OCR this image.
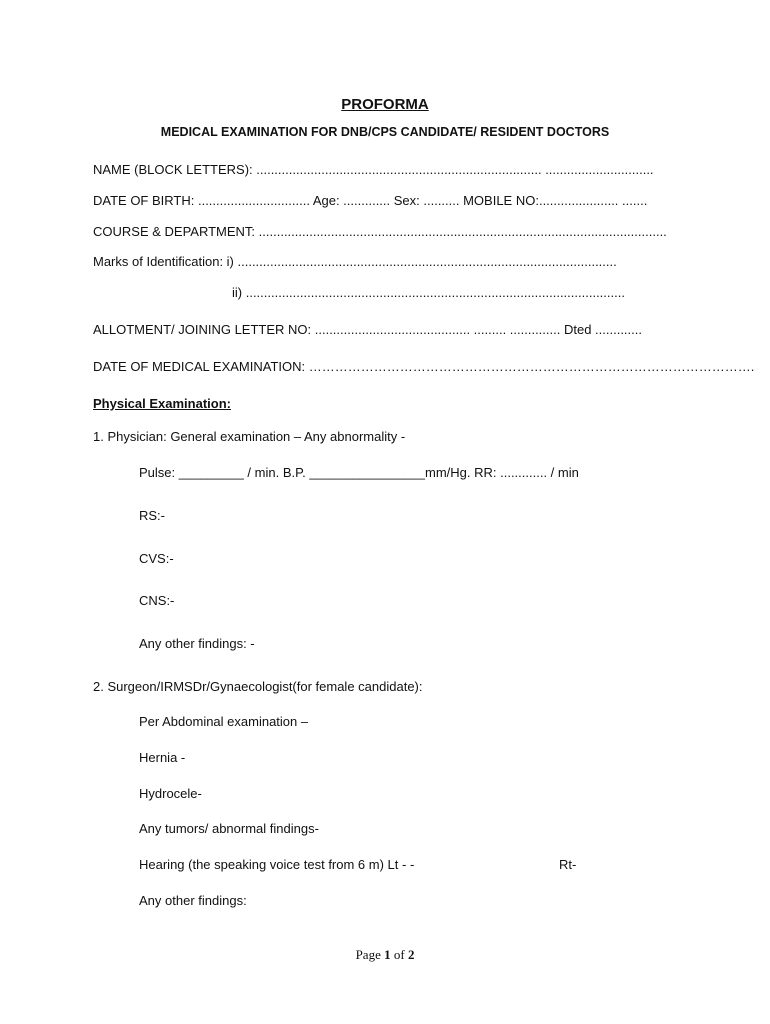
PROFORMA
MEDICAL EXAMINATION FOR DNB/CPS CANDIDATE/ RESIDENT DOCTORS
NAME (BLOCK LETTERS): ............................................................................... ..............................
DATE OF BIRTH: ............................... Age: ............. Sex: .......... MOBILE NO:...................... .......
COURSE & DEPARTMENT: .................................................................................................................
Marks of Identification: i) .........................................................................................................
ii) .........................................................................................................
ALLOTMENT/ JOINING LETTER NO: ........................................... ......... .............. Dted .............
DATE OF MEDICAL EXAMINATION: ………………………………………………………………………………………….
Physical Examination:
1. Physician: General examination – Any abnormality -
Pulse: _________ / min. B.P. ________________mm/Hg. RR: ............. / min
RS:-
CVS:-
CNS:-
Any other findings: -
2. Surgeon/IRMSDr/Gynaecologist(for female candidate):
Per Abdominal examination –
Hernia -
Hydrocele-
Any tumors/ abnormal findings-
Hearing (the speaking voice test from 6 m) Lt - -	Rt-
Any other findings:
Page 1 of 2
